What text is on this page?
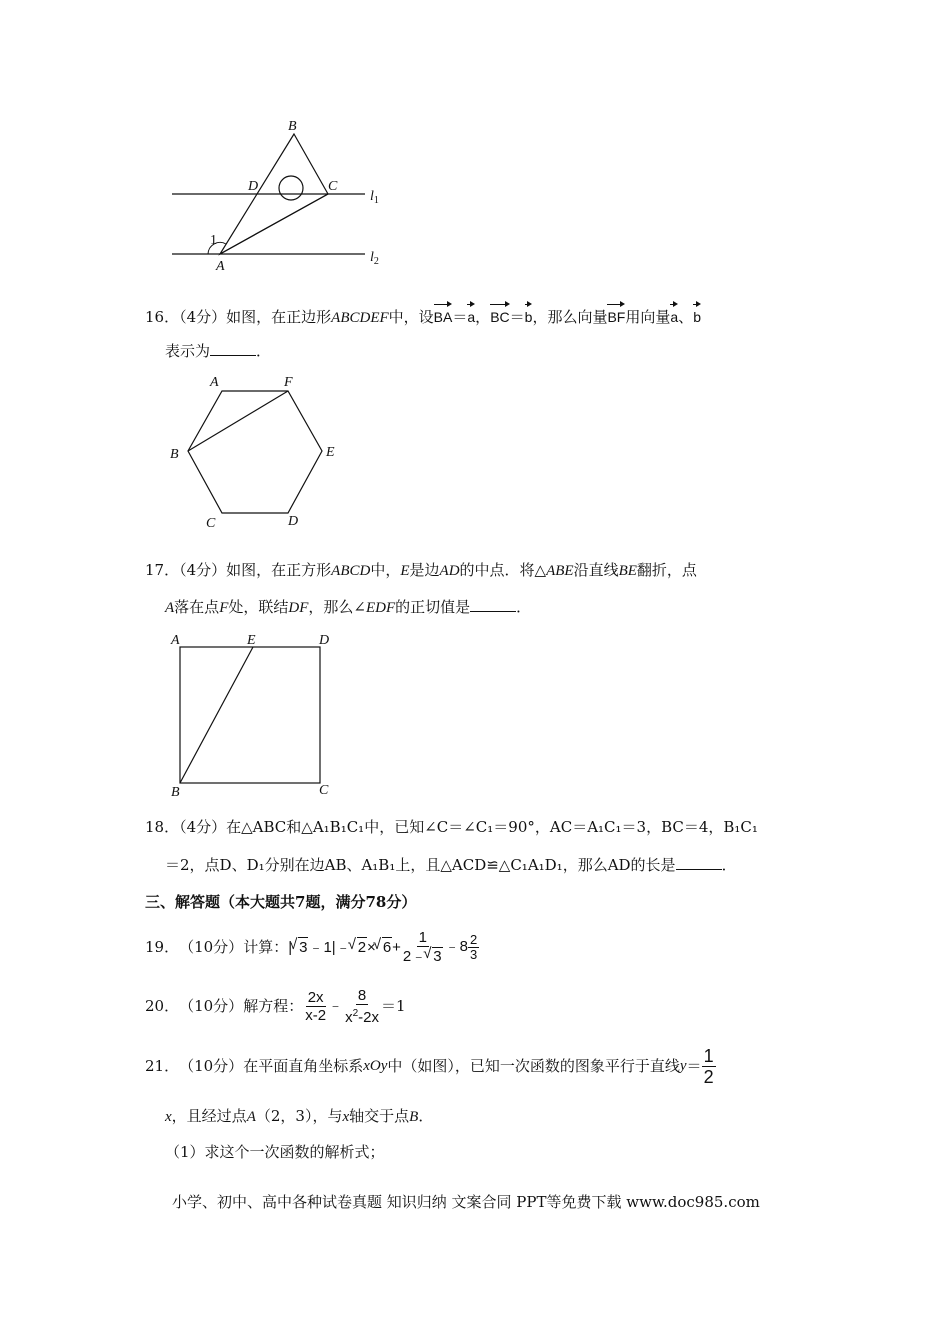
B
D	C
1
A
$l_1$
$l_2$
16．（4分）如图，在正边形ABCDEF中，设BA＝a，BC＝b，那么向量BF用向量a、b
表示为	．
A	F
B	E
C	D
17．（4分）如图，在正方形ABCD中，E是边AD的中点．将△ABE沿直线BE翻折，点
A落在点F处，联结DF，那么∠EDF的正切值是	．
A	E	D
B	C
18．（4分）在△ABC和△A₁B₁C₁中，已知∠C＝∠C₁＝90°，AC＝A₁C₁＝3，BC＝4，B₁C₁
＝2，点D、D₁分别在边AB、A₁B₁上，且△ACD≌△C₁A₁D₁，那么AD的长是	．
三、解答题（本大题共7题，满分78分）
19． （10分） 计算： | √ 3﹣1|﹣ √ 2× √ $6+ \frac{1}{2﹣ √ 3}$ ﹣8 $\frac{2}{3}$
20． （10分） 解方程： $\frac{2x}{x-2}$ ﹣ $\frac{8}{x^2-2x} =1$
21． （10分） 在平面直角坐标系 xOy 中（如图），已知一次函数的图象平行于直线 $y = \frac{1}{2}$
x，且经过点A（2，3），与x轴交于点B．
（1）求这个一次函数的解析式；
小学、初中、高中各种试卷真题 知识归纳 文案合同 PPT等免费下载 www.doc985.com
